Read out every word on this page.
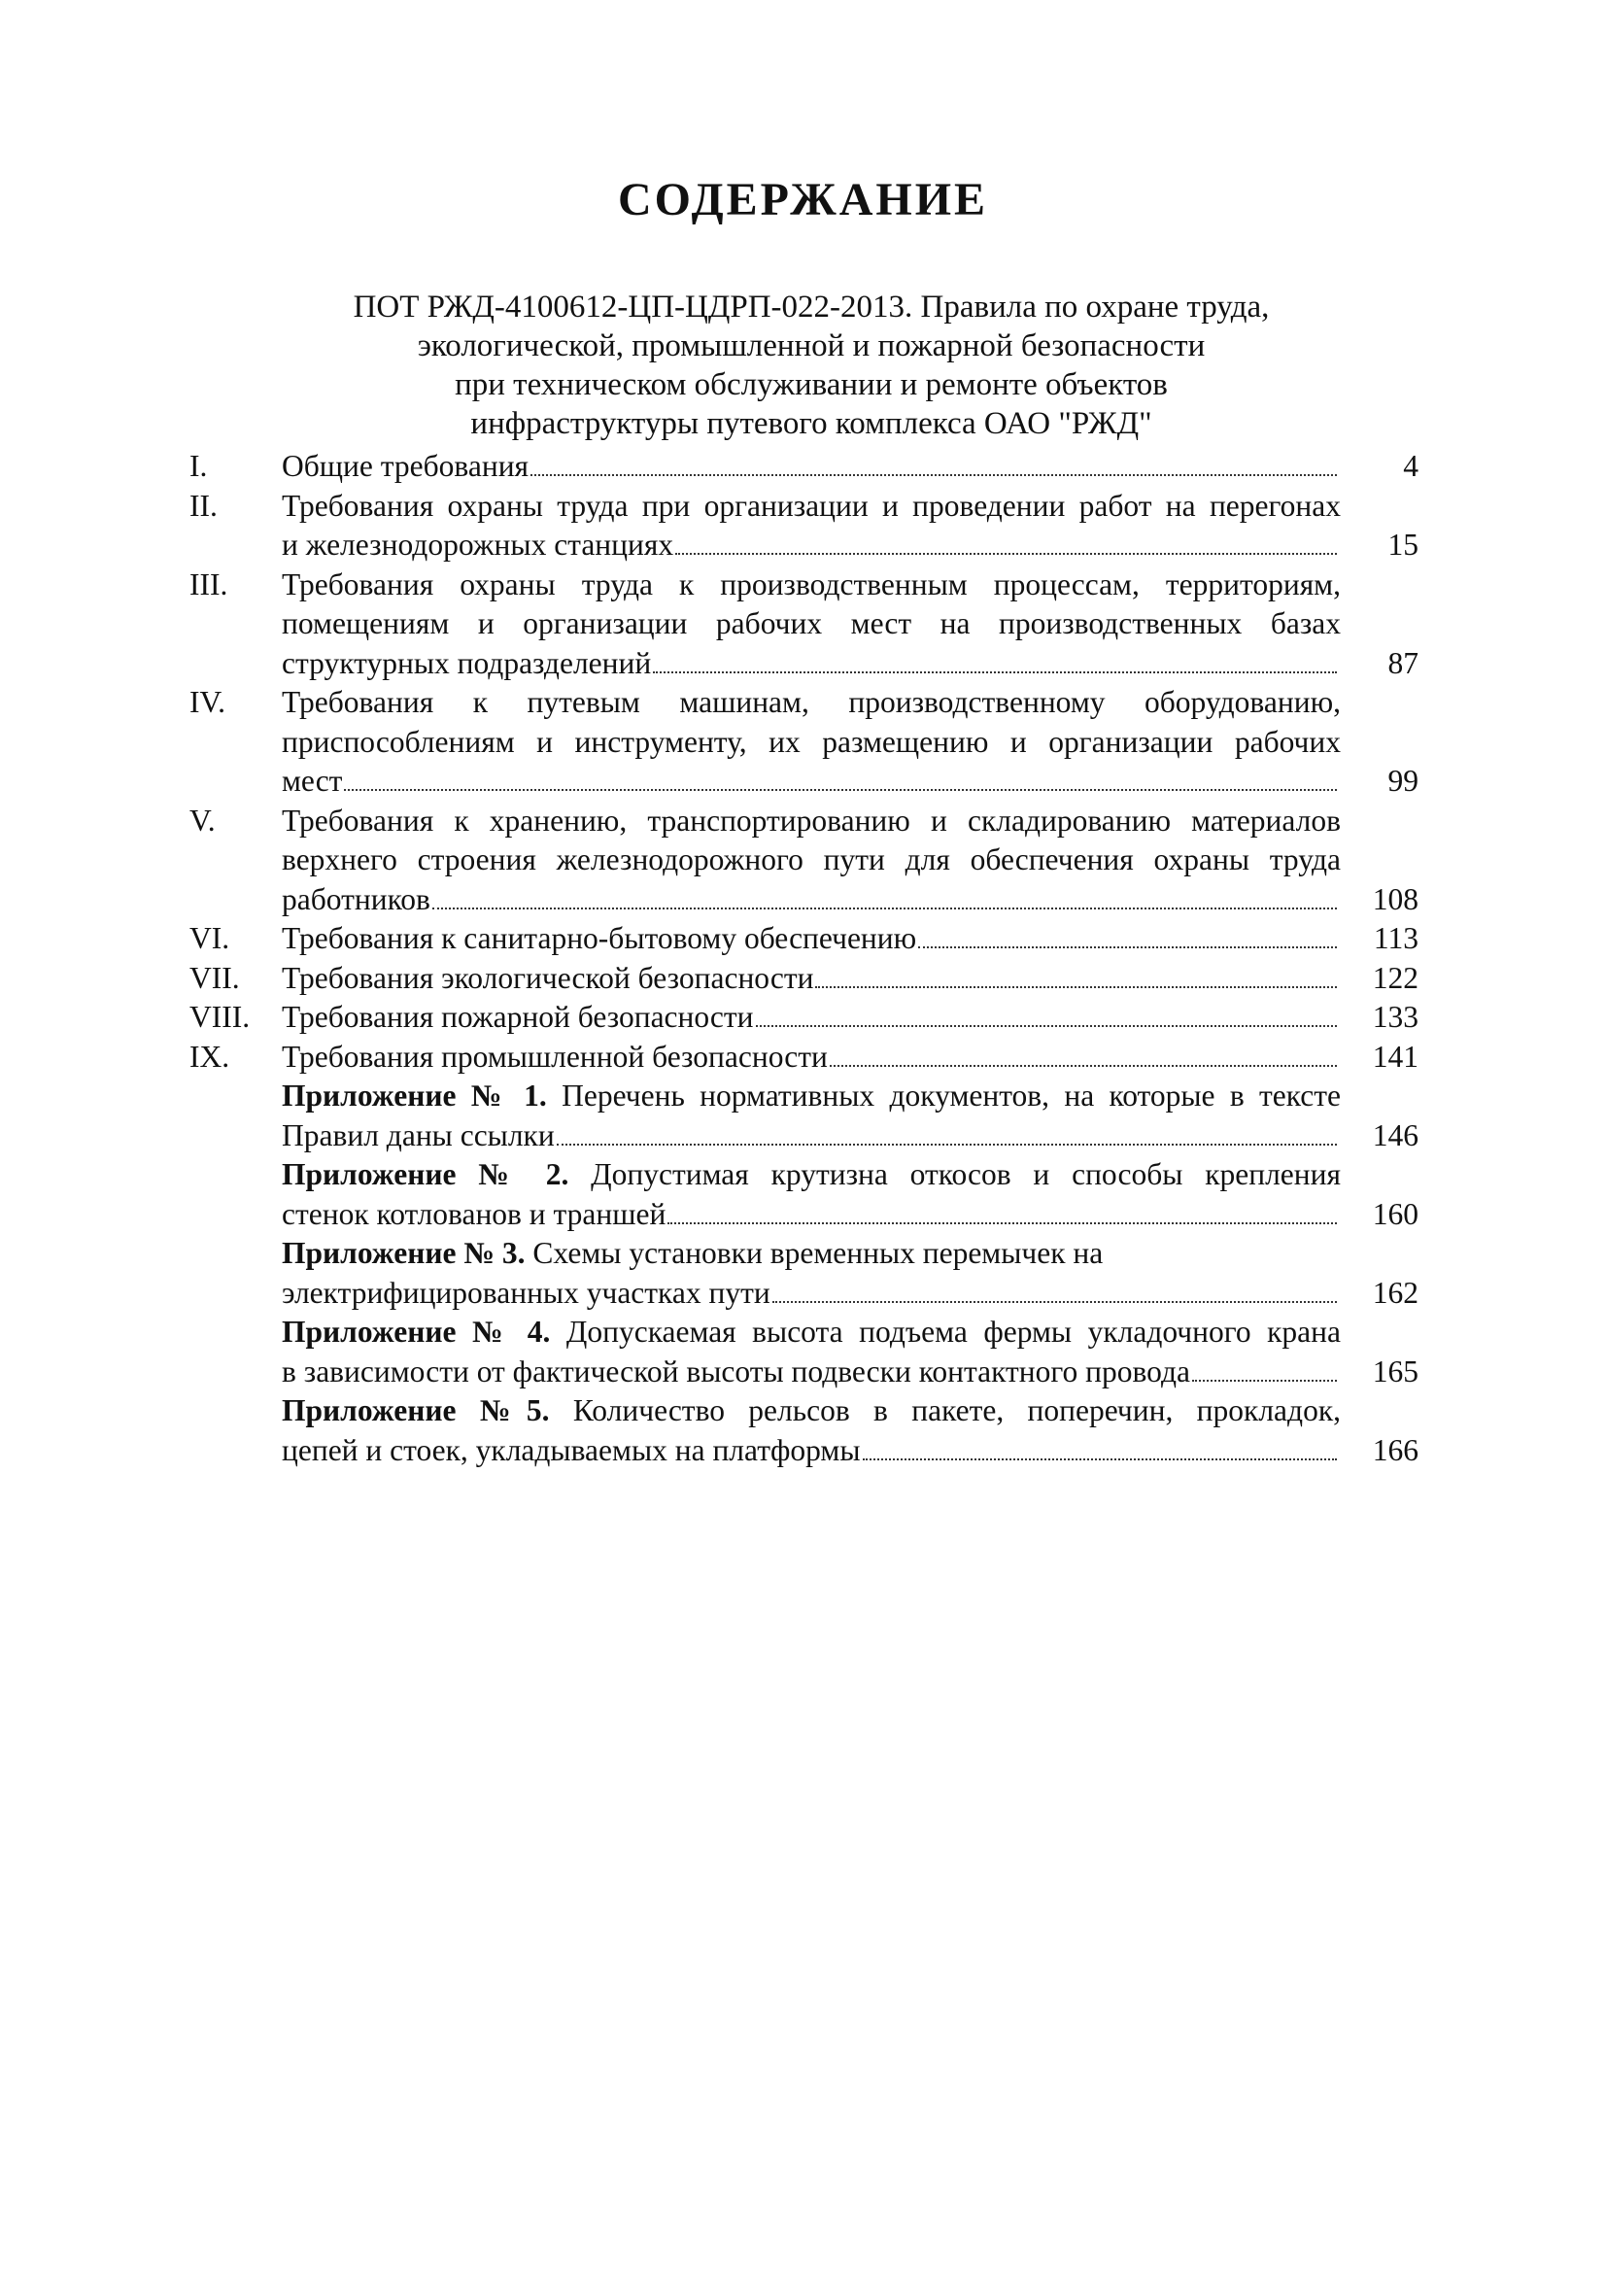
СОДЕРЖАНИЕ
ПОТ РЖД-4100612-ЦП-ЦДРП-022-2013. Правила по охране труда,
экологической, промышленной и пожарной безопасности
при техническом обслуживании и ремонте объектов
инфраструктуры путевого комплекса ОАО "РЖД"
I.	Общие требования	4
II.	Требования охраны труда при организации и проведении работ на перегонах
и железнодорожных станциях	15
III.	Требования охраны труда к производственным процессам, территориям,
помещениям и организации рабочих мест на производственных базах
структурных подразделений	87
IV.	Требования к путевым машинам, производственному оборудованию,
приспособлениям и инструменту, их размещению и организации рабочих
мест	99
V.	Требования к хранению, транспортированию и складированию материалов
верхнего строения железнодорожного пути для обеспечения охраны труда
работников	108
VI.	Требования к санитарно-бытовому обеспечению	113
VII.	Требования экологической безопасности	122
VIII.	Требования пожарной безопасности	133
IX.	Требования промышленной безопасности	141
Приложение № 1. Перечень нормативных документов, на которые в тексте
Правил даны ссылки	146
Приложение № 2. Допустимая крутизна откосов и способы крепления
стенок котлованов и траншей	160
Приложение № 3. Схемы установки временных перемычек на
электрифицированных участках пути	162
Приложение № 4. Допускаемая высота подъема фермы укладочного крана
в зависимости от фактической высоты подвески контактного провода	165
Приложение №5. Количество рельсов в пакете, поперечин, прокладок,
цепей и стоек, укладываемых на платформы	166
